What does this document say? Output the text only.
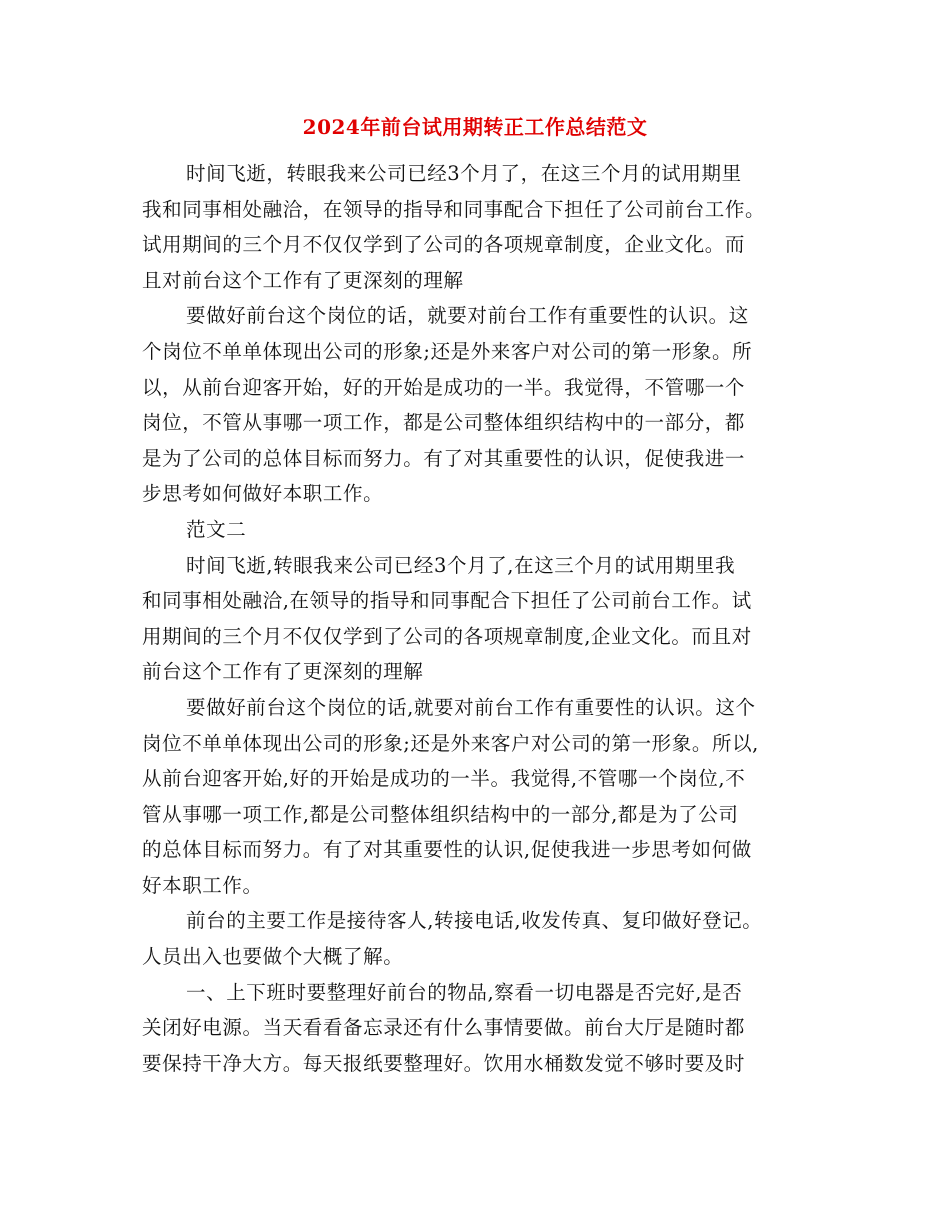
2024年前台试用期转正工作总结范文
时间飞逝，转眼我来公司已经3个月了，在这三个月的试用期里
我和同事相处融洽，在领导的指导和同事配合下担任了公司前台工作。
试用期间的三个月不仅仅学到了公司的各项规章制度，企业文化。而
且对前台这个工作有了更深刻的理解
要做好前台这个岗位的话，就要对前台工作有重要性的认识。这
个岗位不单单体现出公司的形象;还是外来客户对公司的第一形象。所
以，从前台迎客开始，好的开始是成功的一半。我觉得，不管哪一个
岗位，不管从事哪一项工作，都是公司整体组织结构中的一部分，都
是为了公司的总体目标而努力。有了对其重要性的认识，促使我进一
步思考如何做好本职工作。
范文二
时间飞逝,转眼我来公司已经3个月了,在这三个月的试用期里我
和同事相处融洽,在领导的指导和同事配合下担任了公司前台工作。试
用期间的三个月不仅仅学到了公司的各项规章制度,企业文化。而且对
前台这个工作有了更深刻的理解
要做好前台这个岗位的话,就要对前台工作有重要性的认识。这个
岗位不单单体现出公司的形象;还是外来客户对公司的第一形象。所以,
从前台迎客开始,好的开始是成功的一半。我觉得,不管哪一个岗位,不
管从事哪一项工作,都是公司整体组织结构中的一部分,都是为了公司
的总体目标而努力。有了对其重要性的认识,促使我进一步思考如何做
好本职工作。
前台的主要工作是接待客人,转接电话,收发传真、复印做好登记。
人员出入也要做个大概了解。
一、上下班时要整理好前台的物品,察看一切电器是否完好,是否
关闭好电源。当天看看备忘录还有什么事情要做。前台大厅是随时都
要保持干净大方。每天报纸要整理好。饮用水桶数发觉不够时要及时
